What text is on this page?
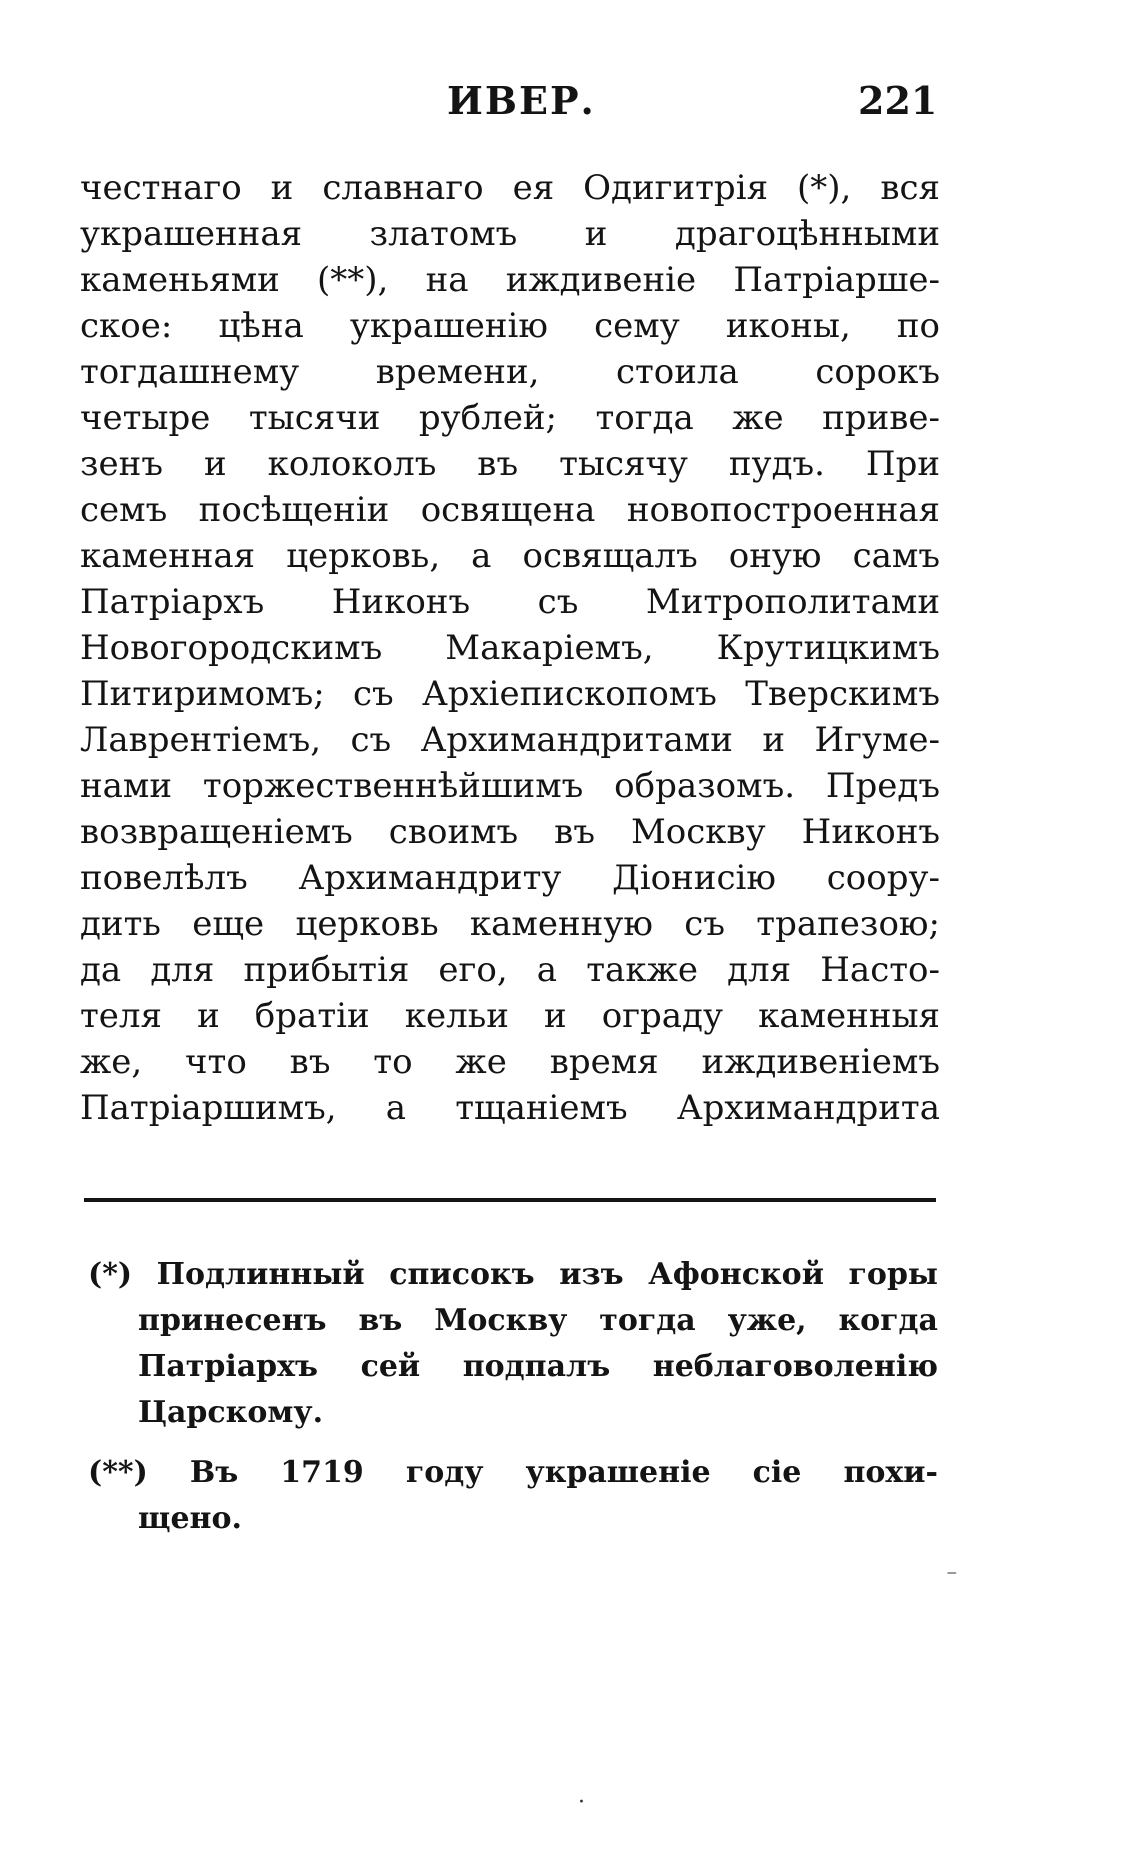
ИВЕР.	221
честнаго и славнаго ея Одигитрія (*), вся
украшенная златомъ и драгоцѣнными
каменьями (**), на иждивеніе Патріарше-
ское: цѣна украшенію сему иконы, по
тогдашнему времени, стоила сорокъ
четыре тысячи рублей; тогда же приве-
зенъ и колоколъ въ тысячу пудъ. При
семъ посѣщеніи освящена новопостроенная
каменная церковь, а освящалъ оную самъ
Патріархъ Никонъ съ Митрополитами
Новогородскимъ Макаріемъ, Крутицкимъ
Питиримомъ; съ Архіепископомъ Тверскимъ
Лаврентіемъ, съ Архимандритами и Игуме-
нами торжественнѣйшимъ образомъ. Предъ
возвращеніемъ своимъ въ Москву Никонъ
повелѣлъ Архимандриту Діонисію соору-
дить еще церковь каменную съ трапезою;
да для прибытія его, а также для Насто-
теля и братіи кельи и ограду каменныя
же, что въ то же время иждивеніемъ
Патріаршимъ, а тщаніемъ Архимандрита
(*) Подлинный списокъ изъ Афонской горы
принесенъ въ Москву тогда уже, когда
Патріархъ сей подпалъ неблаговоленію
Царскому.
(**) Въ 1719 году украшеніе сіе похи-
щено.
⁻
·
